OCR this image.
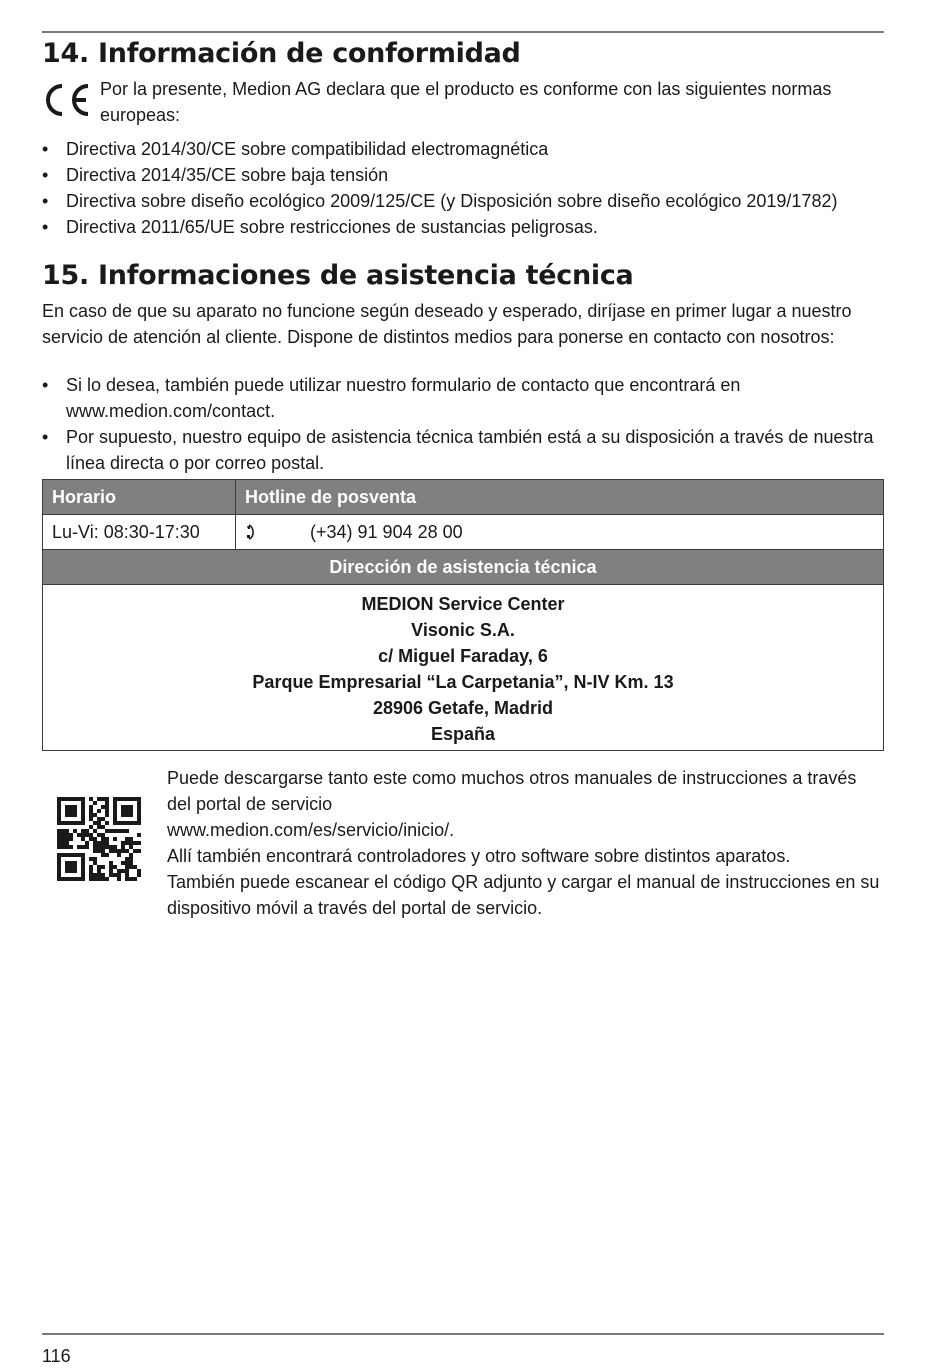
14. Información de conformidad

Por la presente, Medion AG declara que el producto es conforme con las siguientes normas europeas:

• Directiva 2014/30/CE sobre compatibilidad electromagnética
• Directiva 2014/35/CE sobre baja tensión
• Directiva sobre diseño ecológico 2009/125/CE (y Disposición sobre diseño ecológico 2019/1782)
• Directiva 2011/65/UE sobre restricciones de sustancias peligrosas.
15. Informaciones de asistencia técnica

En caso de que su aparato no funcione según deseado y esperado, diríjase en primer lugar a nuestro servicio de atención al cliente. Dispone de distintos medios para ponerse en contacto con nosotros:

• Si lo desea, también puede utilizar nuestro formulario de contacto que encontrará en www.medion.com/contact.
• Por supuesto, nuestro equipo de asistencia técnica también está a su disposición a través de nuestra línea directa o por correo postal.
Horario	Hotline de posventa
Lu-Vi: 08:30-17:30	(+34) 91 904 28 00
Dirección de asistencia técnica
MEDION Service Center
Visonic S.A.
c/ Miguel Faraday, 6
Parque Empresarial “La Carpetania”, N-IV Km. 13
28906 Getafe, Madrid
España

Puede descargarse tanto este como muchos otros manuales de instrucciones a través del portal de servicio

www.medion.com/es/servicio/inicio/.

Allí también encontrará controladores y otro software sobre distintos aparatos.

También puede escanear el código QR adjunto y cargar el manual de instrucciones en su dispositivo móvil a través del portal de servicio.

116
